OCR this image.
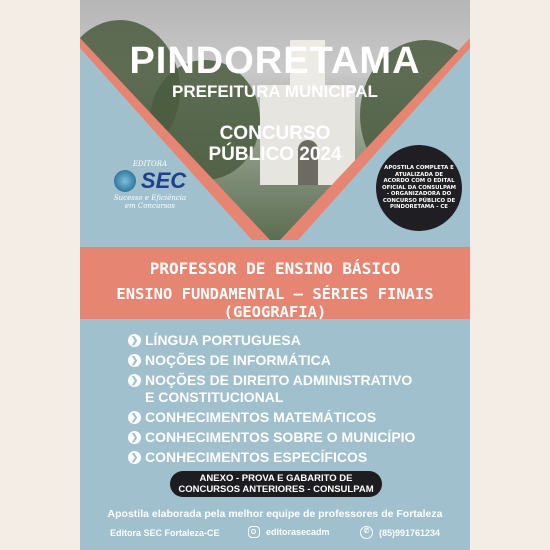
PINDORETAMA
PREFEITURA MUNICIPAL
CONCURSO
PÚBLICO 2024
EDITORA
SEC
Sucesso e Eficiência
em Concursos
APOSTILA COMPLETA E ATUALIZADA DE ACORDO COM O EDITAL OFICIAL DA CONSULPAM - ORGANIZADORA DO CONCURSO PÚBLICO DE PINDORETAMA - CE
PROFESSOR DE ENSINO BÁSICO
ENSINO FUNDAMENTAL – SÉRIES FINAIS (GEOGRAFIA)
❯ LÍNGUA PORTUGUESA
❯ NOÇÕES DE INFORMÁTICA
❯ NOÇÕES DE DIREITO ADMINISTRATIVO
E CONSTITUCIONAL
❯ CONHECIMENTOS MATEMÁTICOS
❯ CONHECIMENTOS SOBRE O MUNICÍPIO
❯ CONHECIMENTOS ESPECÍFICOS
ANEXO - PROVA E GABARITO DE
CONCURSOS ANTERIORES - CONSULPAM
Apostila elaborada pela melhor equipe de professores de Fortaleza
Editora SEC Fortaleza-CE	editorasecadm	✆	(85)991761234
